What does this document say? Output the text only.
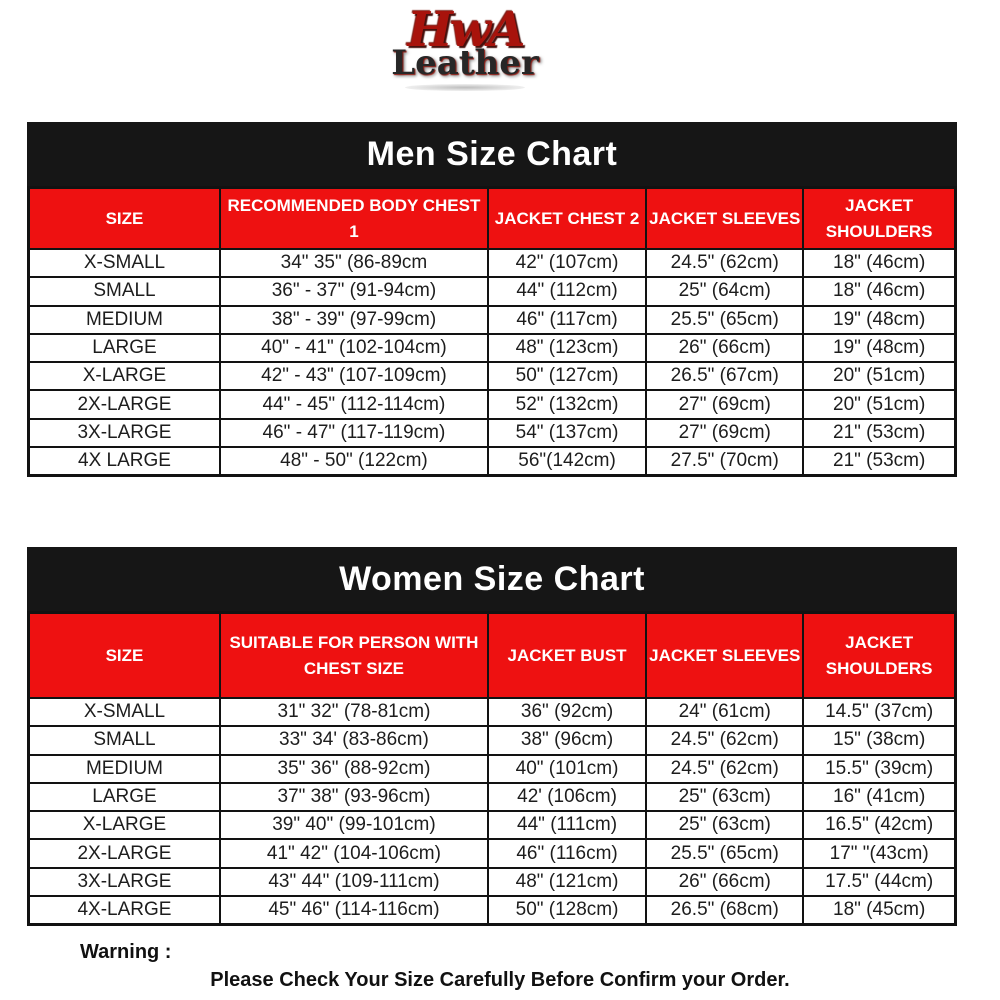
HwA
Leather
Men Size Chart
SIZE	RECOMMENDED BODY CHEST 1	JACKET CHEST 2	JACKET SLEEVES	JACKET SHOULDERS
X-SMALL	34" 35" (86-89cm	42" (107cm)	24.5" (62cm)	18" (46cm)
SMALL	36" - 37" (91-94cm)	44" (112cm)	25" (64cm)	18" (46cm)
MEDIUM	38" - 39" (97-99cm)	46" (117cm)	25.5" (65cm)	19" (48cm)
LARGE	40" - 41" (102-104cm)	48" (123cm)	26" (66cm)	19" (48cm)
X-LARGE	42" - 43" (107-109cm)	50" (127cm)	26.5" (67cm)	20" (51cm)
2X-LARGE	44" - 45" (112-114cm)	52" (132cm)	27" (69cm)	20" (51cm)
3X-LARGE	46" - 47" (117-119cm)	54" (137cm)	27" (69cm)	21" (53cm)
4X LARGE	48" - 50" (122cm)	56"(142cm)	27.5" (70cm)	21" (53cm)
Women Size Chart
SIZE	SUITABLE FOR PERSON WITH CHEST SIZE	JACKET BUST	JACKET SLEEVES	JACKET SHOULDERS
X-SMALL	31" 32" (78-81cm)	36" (92cm)	24" (61cm)	14.5" (37cm)
SMALL	33" 34' (83-86cm)	38" (96cm)	24.5" (62cm)	15" (38cm)
MEDIUM	35" 36" (88-92cm)	40" (101cm)	24.5" (62cm)	15.5" (39cm)
LARGE	37" 38" (93-96cm)	42' (106cm)	25" (63cm)	16" (41cm)
X-LARGE	39" 40" (99-101cm)	44" (111cm)	25" (63cm)	16.5" (42cm)
2X-LARGE	41" 42" (104-106cm)	46" (116cm)	25.5" (65cm)	17" "(43cm)
3X-LARGE	43" 44" (109-111cm)	48" (121cm)	26" (66cm)	17.5" (44cm)
4X-LARGE	45" 46" (114-116cm)	50" (128cm)	26.5" (68cm)	18" (45cm)
Warning :
Please Check Your Size Carefully Before Confirm your Order.
